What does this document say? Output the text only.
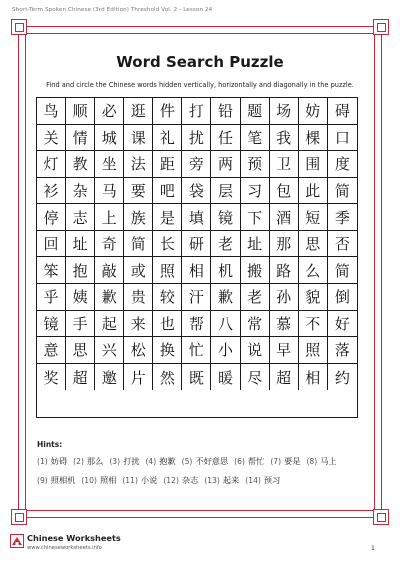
Short-Term Spoken Chinese (3rd Edition) Threshold Vol. 2 - Lesson 24
Word Search Puzzle
Find and circle the Chinese words hidden vertically, horizontally and diagonally in the puzzle.
鸟 顺 必 逛 件 打 铅 题 场 妨 碍
关 情 城 课 礼 扰 任 笔 我 棵 口
灯 教 坐 法 距 旁 两 预 卫 围 度
衫 杂 马 要 吧 袋 层 习 包 此 简
停 志 上 族 是 填 镜 下 酒 短 季
回 址 奇 简 长 研 老 址 那 思 否
笨 抱 敲 或 照 相 机 搬 路 么 简
乎 姨 歉 贵 较 汗 歉 老 孙 貌 倒
镜 手 起 来 也 帮 八 常 慕 不 好
意 思 兴 松 换 忙 小 说 早 照 落
奖 超 邀 片 然 既 暖 尽 超 相 约
Hints:
(1) 妨碍 (2) 那么 (3) 打扰 (4) 抱歉 (5) 不好意思 (6) 帮忙 (7) 要是 (8) 马上(9) 照相机 (10) 照相 (11) 小说 (12) 杂志 (13) 起来 (14) 预习
Chinese Worksheets
www.chineseworksheets.info	1
